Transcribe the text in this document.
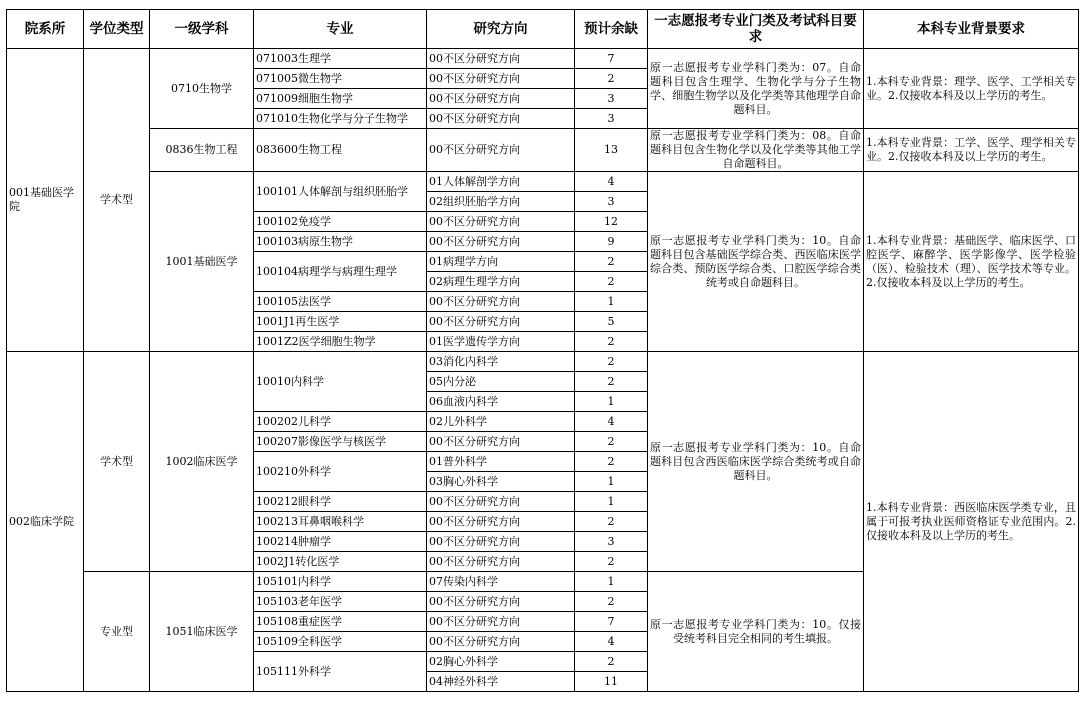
院系所	学位类型	一级学科	专业	研究方向	预计余缺	一志愿报考专业门类及考试科目要求	本科专业背景要求
001基础医学院	学术型	0710生物学	071003生理学	00不区分研究方向	7	原一志愿报考专业学科门类为：07。自命题科目包含生理学、生物化学与分子生物学、细胞生物学以及化学类等其他理学自命题科目。	1.本科专业背景：理学、医学、工学相关专业。2.仅接收本科及以上学历的考生。
			071005微生物学	00不区分研究方向	2		
			071009细胞生物学	00不区分研究方向	3		
			071010生物化学与分子生物学	00不区分研究方向	3		
		0836生物工程	083600生物工程	00不区分研究方向	13	原一志愿报考专业学科门类为：08。自命题科目包含生物化学以及化学类等其他工学自命题科目。	1.本科专业背景：工学、医学、理学相关专业。2.仅接收本科及以上学历的考生。
		1001基础医学	100101人体解剖与组织胚胎学	01人体解剖学方向	4	原一志愿报考专业学科门类为：10。自命题科目包含基础医学综合类、西医临床医学综合类、预防医学综合类、口腔医学综合类统考或自命题科目。	1.本科专业背景：基础医学、临床医学、口腔医学、麻醉学、医学影像学、医学检验（医）、检验技术（理）、医学技术等专业。2.仅接收本科及以上学历的考生。
				02组织胚胎学方向	3		
			100102免疫学	00不区分研究方向	12		
			100103病原生物学	00不区分研究方向	9		
			100104病理学与病理生理学	01病理学方向	2		
				02病理生理学方向	2		
			100105法医学	00不区分研究方向	1		
			1001J1再生医学	00不区分研究方向	5		
			1001Z2医学细胞生物学	01医学遗传学方向	2		
002临床学院	学术型	1002临床医学	10010内科学	03消化内科学	2	原一志愿报考专业学科门类为：10。自命题科目包含西医临床医学综合类统考或自命题科目。	1.本科专业背景：西医临床医学类专业，且属于可报考执业医师资格证专业范围内。2.仅接收本科及以上学历的考生。
				05内分泌	2		
				06血液内科学	1		
			100202儿科学	02儿外科学	4		
			100207影像医学与核医学	00不区分研究方向	2		
			100210外科学	01普外科学	2		
				03胸心外科学	1		
			100212眼科学	00不区分研究方向	1		
			100213耳鼻咽喉科学	00不区分研究方向	2		
			100214肿瘤学	00不区分研究方向	3		
			1002J1转化医学	00不区分研究方向	2		
	专业型	1051临床医学	105101内科学	07传染内科学	1	原一志愿报考专业学科门类为：10。仅接受统考科目完全相同的考生填报。	
			105103老年医学	00不区分研究方向	2		
			105108重症医学	00不区分研究方向	7		
			105109全科医学	00不区分研究方向	4		
			105111外科学	02胸心外科学	2		
				04神经外科学	11		
